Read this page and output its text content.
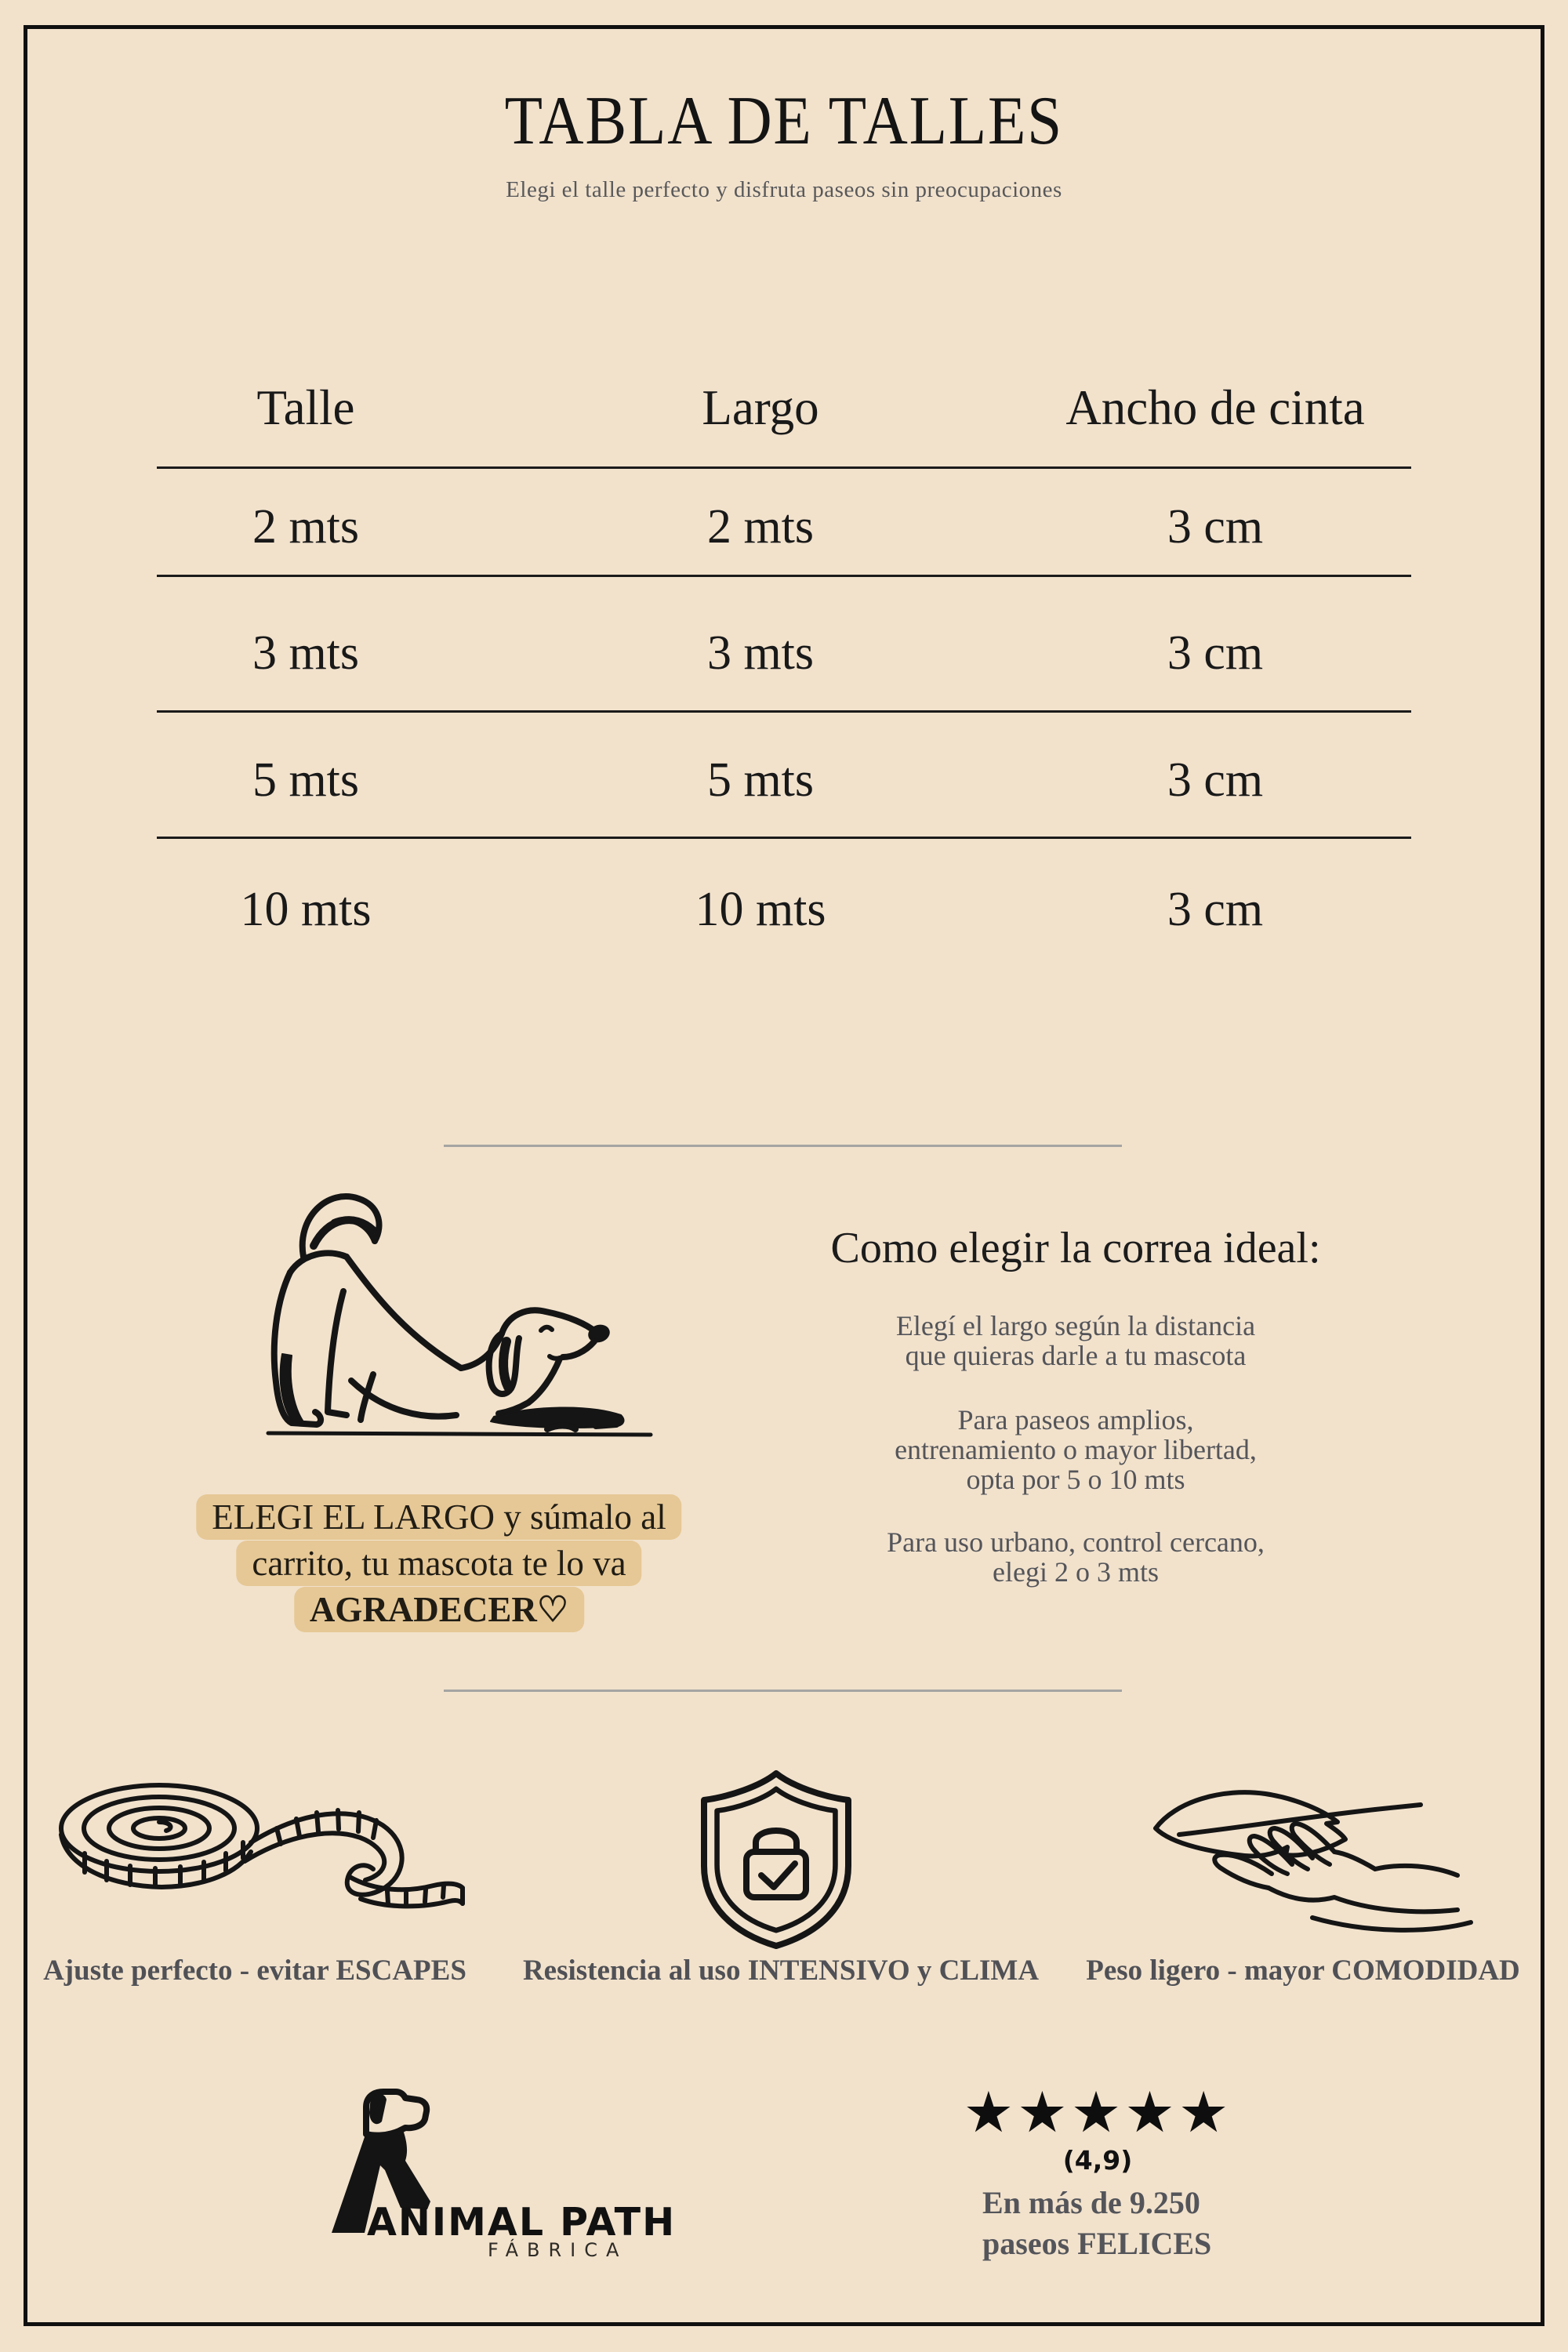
TABLA DE TALLES
Elegi el talle perfecto y disfruta paseos sin preocupaciones
Talle	Largo	Ancho de cinta
2 mts	2 mts	3 cm
3 mts	3 mts	3 cm
5 mts	5 mts	3 cm
10 mts	10 mts	3 cm
Como elegir la correa ideal:
Elegí el largo según la distancia
que quieras darle a tu mascota
Para paseos amplios,
entrenamiento o mayor libertad,
opta por 5 o 10 mts
Para uso urbano, control cercano,
elegi 2 o 3 mts
ELEGI EL LARGO y súmalo al
carrito, tu mascota te lo va
AGRADECER♡
Ajuste perfecto - evitar ESCAPES Resistencia al uso INTENSIVO y CLIMA Peso ligero - mayor COMODIDAD
ANIMAL PATH
FÁBRICA
★★★★★
(4,9)
En más de 9.250
paseos FELICES
